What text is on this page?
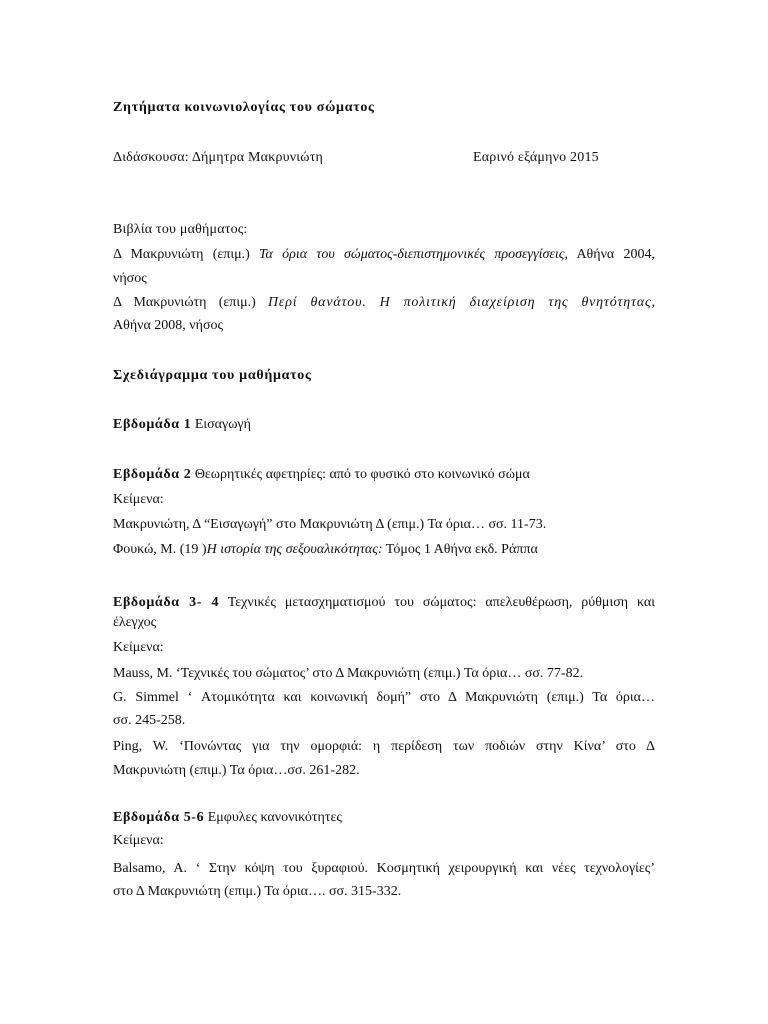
Ζητήματα κοινωνιολογίας του σώματος
Διδάσκουσα: Δήμητρα Μακρυνιώτη	Εαρινό εξάμηνο 2015
Βιβλία του μαθήματος:
Δ Μακρυνιώτη (επιμ.) Τα όρια του σώματος-διεπιστημονικές προσεγγίσεις, Αθήνα 2004,
νήσος
Δ Μακρυνιώτη (επιμ.) Περί θανάτου. Η πολιτική διαχείριση της θνητότητας,
Αθήνα 2008, νήσος
Σχεδιάγραμμα του μαθήματος
Εβδομάδα 1 Εισαγωγή
Εβδομάδα 2 Θεωρητικές αφετηρίες: από το φυσικό στο κοινωνικό σώμα
Κείμενα:
Μακρυνιώτη, Δ “Εισαγωγή” στο Μακρυνιώτη Δ (επιμ.) Τα όρια… σσ. 11-73.
Φουκώ, Μ. (19 )Η ιστορία της σεξουαλικότητας: Τόμος 1 Αθήνα εκδ. Ράππα
Εβδομάδα 3- 4 Τεχνικές μετασχηματισμού του σώματος: απελευθέρωση, ρύθμιση και
έλεγχος
Κείμενα:
Mauss, M. ‘Τεχνικές του σώματος’ στο Δ Μακρυνιώτη (επιμ.) Τα όρια… σσ. 77-82.
G. Simmel ‘ Ατομικότητα και κοινωνική δομή” στο Δ Μακρυνιώτη (επιμ.) Τα όρια…
σσ. 245-258.
Ping, W. ‘Πονώντας για την ομορφιά: η περίδεση των ποδιών στην Κίνα’ στο Δ
Μακρυνιώτη (επιμ.) Τα όρια…σσ. 261-282.
Εβδομάδα 5-6 Εμφυλες κανονικότητες
Κείμενα:
Balsamo, A. ‘ Στην κόψη του ξυραφιού. Κοσμητική χειρουργική και νέες τεχνολογίες’
στο Δ Μακρυνιώτη (επιμ.) Τα όρια…. σσ. 315-332.
